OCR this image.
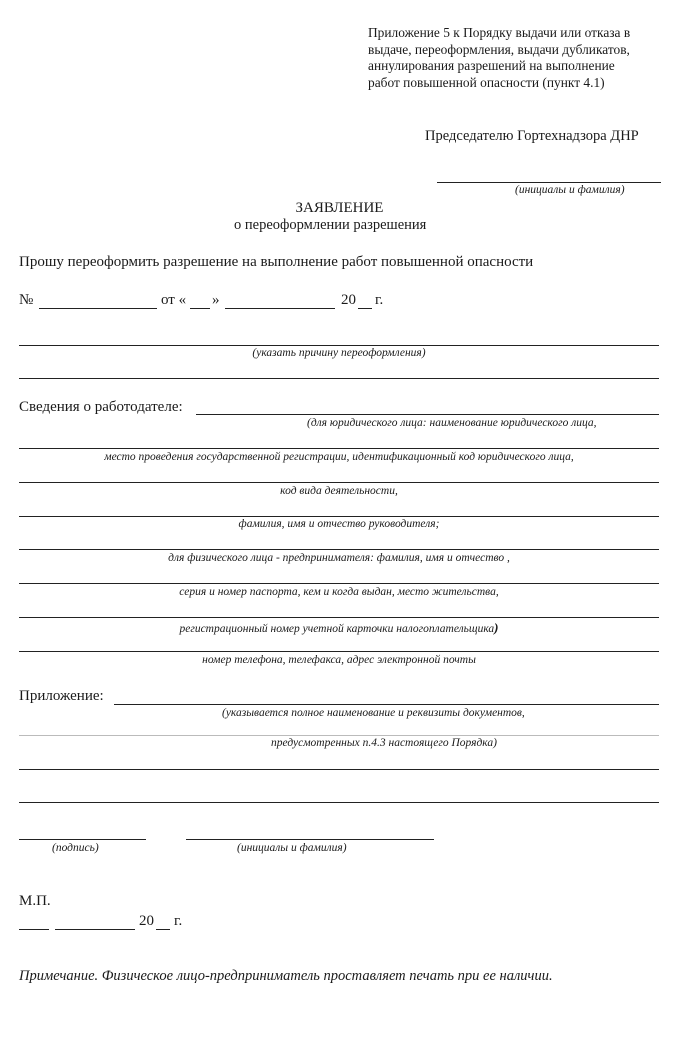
Приложение 5 к Порядку выдачи или отказа в
выдаче, переоформления, выдачи дубликатов,
аннулирования разрешений на выполнение
работ повышенной опасности (пункт 4.1)
Председателю Гортехнадзора ДНР
(инициалы и фамилия)
ЗАЯВЛЕНИЕ
о переоформлении разрешения
Прошу переоформить разрешение на выполнение работ повышенной опасности
№	от « »	20 г.
(указать причину переоформления)
Сведения о работодателе:
(для юридического лица: наименование юридического лица,
место проведения государственной регистрации, идентификационный код юридического лица,
код вида деятельности,
фамилия, имя и отчество руководителя;
для физического лица - предпринимателя: фамилия, имя и отчество ,
серия и номер паспорта, кем и когда выдан, место жительства,
регистрационный номер учетной карточки налогоплательщика)
номер телефона, телефакса, адрес электронной почты
Приложение:
(указывается полное наименование и реквизиты документов,
предусмотренных п.4.3 настоящего Порядка)
(подпись)	(инициалы и фамилия)
М.П.
20 г.
Примечание. Физическое лицо-предприниматель проставляет печать при ее наличии.
